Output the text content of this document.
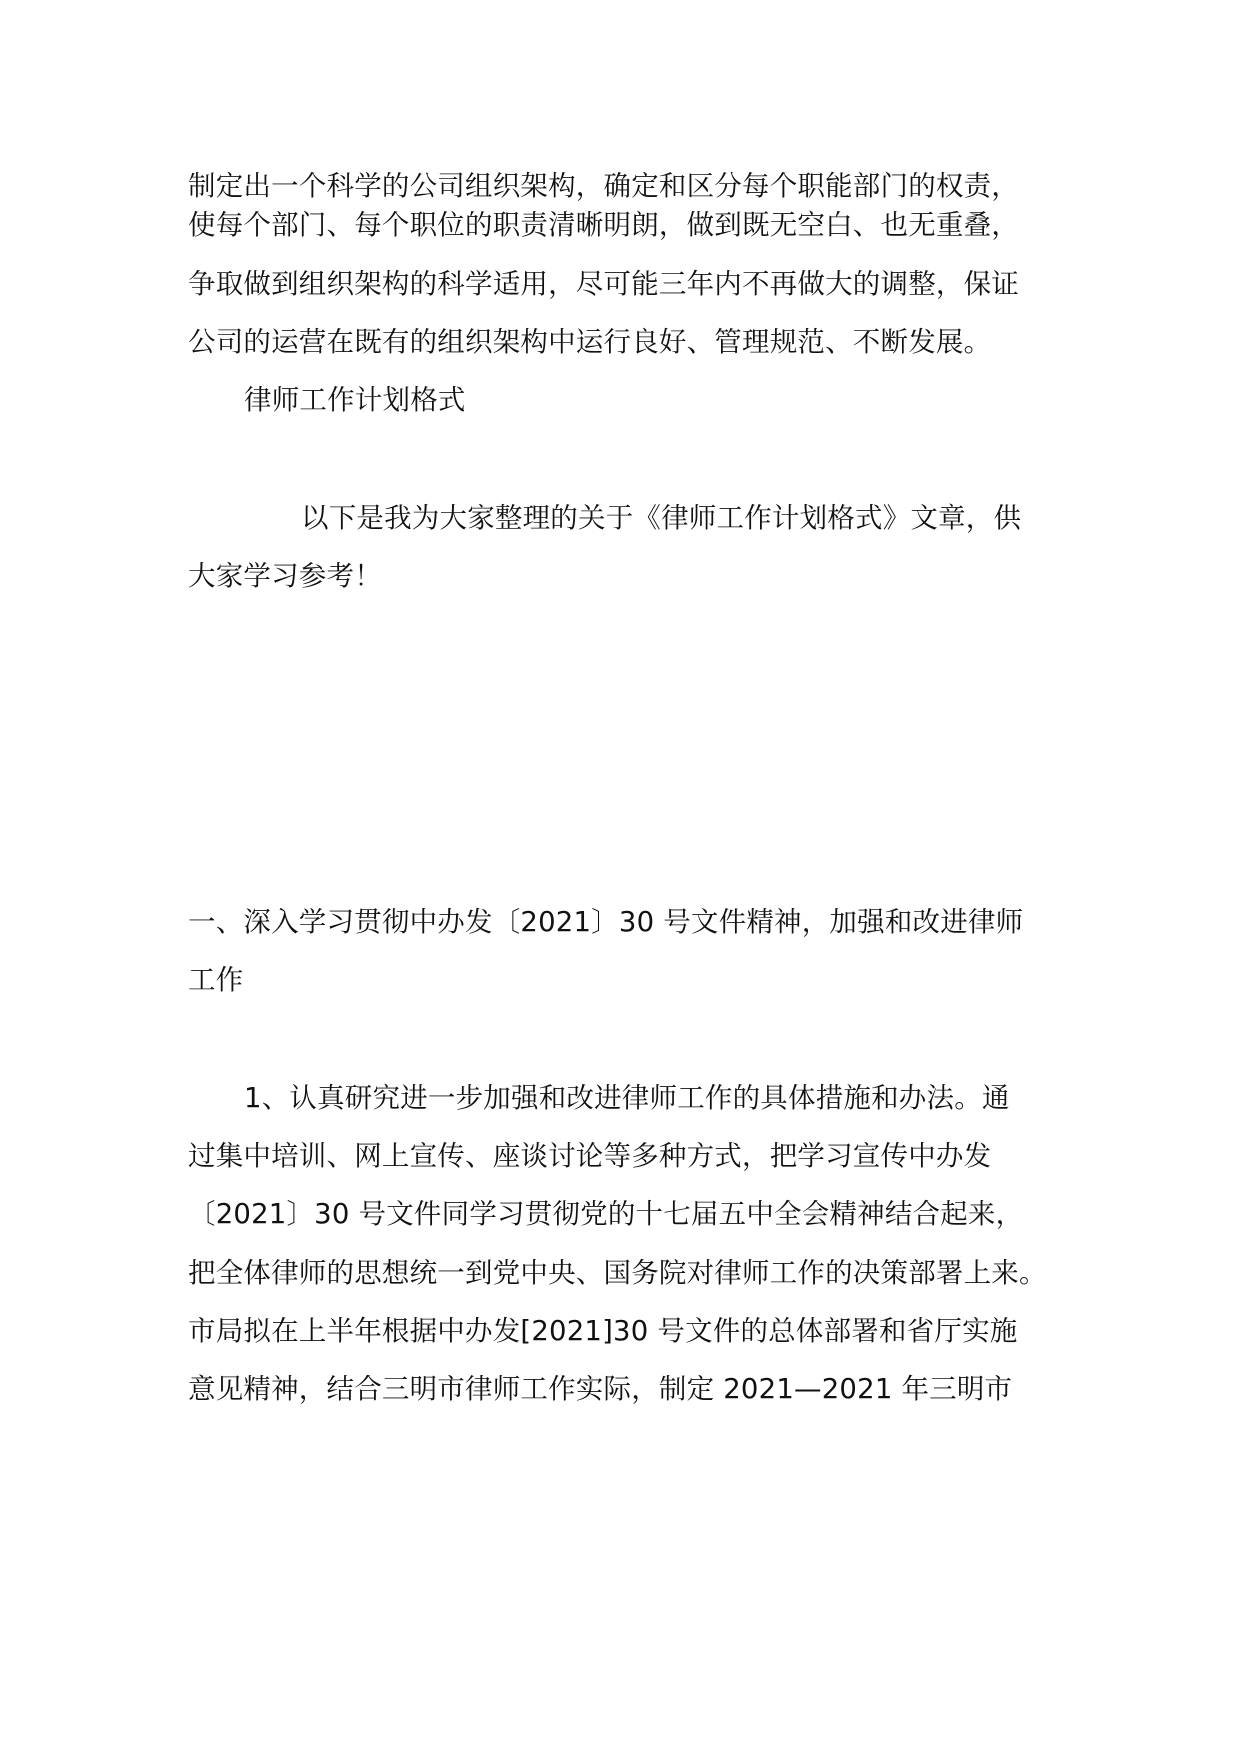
制定出一个科学的公司组织架构，确定和区分每个职能部门的权责，
使每个部门、每个职位的职责清晰明朗，做到既无空白、也无重叠，
争取做到组织架构的科学适用，尽可能三年内不再做大的调整，保证
公司的运营在既有的组织架构中运行良好、管理规范、不断发展。
律师工作计划格式
以下是我为大家整理的关于《律师工作计划格式》文章，供
大家学习参考！
一、深入学习贯彻中办发〔2021〕30 号文件精神，加强和改进律师
工作
1、认真研究进一步加强和改进律师工作的具体措施和办法。通
过集中培训、网上宣传、座谈讨论等多种方式，把学习宣传中办发
〔2021〕30 号文件同学习贯彻党的十七届五中全会精神结合起来，
把全体律师的思想统一到党中央、国务院对律师工作的决策部署上来。
市局拟在上半年根据中办发[2021]30 号文件的总体部署和省厅实施
意见精神，结合三明市律师工作实际，制定 2021—2021 年三明市
